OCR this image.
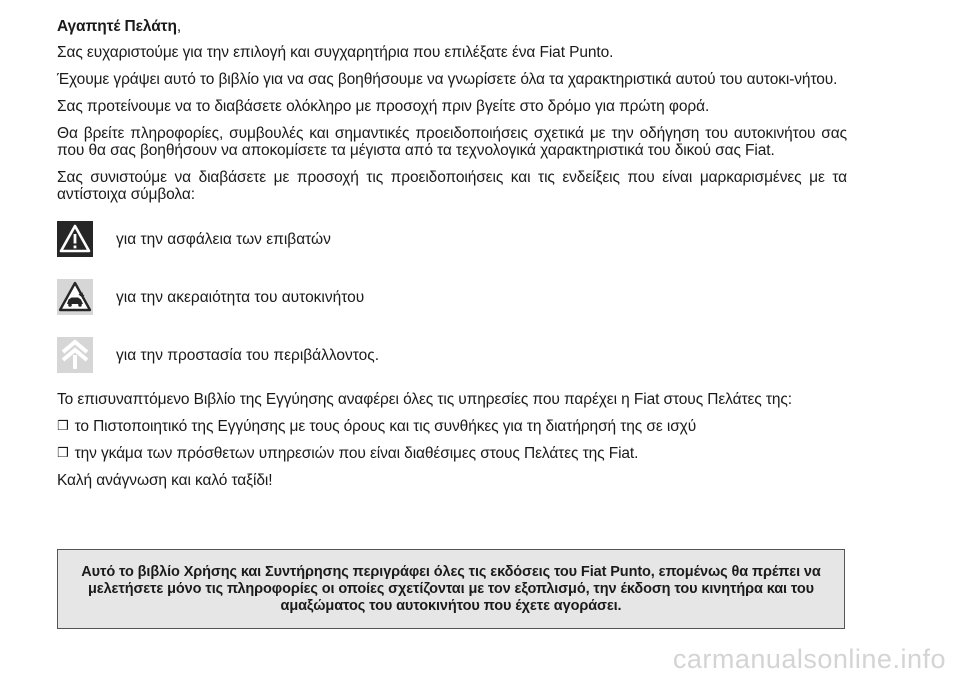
Αγαπητέ Πελάτη,

Σας ευχαριστούμε για την επιλογή και συγχαρητήρια που επιλέξατε ένα Fiat Punto.

Έχουμε γράψει αυτό το βιβλίο για να σας βοηθήσουμε να γνωρίσετε όλα τα χαρακτηριστικά αυτού του αυτοκι-νήτου.

Σας προτείνουμε να το διαβάσετε ολόκληρο με προσοχή πριν βγείτε στο δρόμο για πρώτη φορά.

Θα βρείτε πληροφορίες, συμβουλές και σημαντικές προειδοποιήσεις σχετικά με την οδήγηση του αυτοκινήτου σας που θα σας βοηθήσουν να αποκομίσετε τα μέγιστα από τα τεχνολογικά χαρακτηριστικά του δικού σας Fiat.

Σας συνιστούμε να διαβάσετε με προσοχή τις προειδοποιήσεις και τις ενδείξεις που είναι μαρκαρισμένες με τα αντίστοιχα σύμβολα:

για την ασφάλεια των επιβατών
για την ακεραιότητα του αυτοκινήτου
για την προστασία του περιβάλλοντος.

Το επισυναπτόμενο Βιβλίο της Εγγύησης αναφέρει όλες τις υπηρεσίες που παρέχει η Fiat στους Πελάτες της:

❒ το Πιστοποιητικό της Εγγύησης με τους όρους και τις συνθήκες για τη διατήρησή της σε ισχύ

❒ την γκάμα των πρόσθετων υπηρεσιών που είναι διαθέσιμες στους Πελάτες της Fiat.

Καλή ανάγνωση και καλό ταξίδι!

Αυτό το βιβλίο Χρήσης και Συντήρησης περιγράφει όλες τις εκδόσεις του Fiat Punto, επομένως θα πρέπει να μελετήσετε μόνο τις πληροφορίες οι οποίες σχετίζονται με τον εξοπλισμό, την έκδοση του κινητήρα και του αμαξώματος του αυτοκινήτου που έχετε αγοράσει.
carmanualsonline.info
